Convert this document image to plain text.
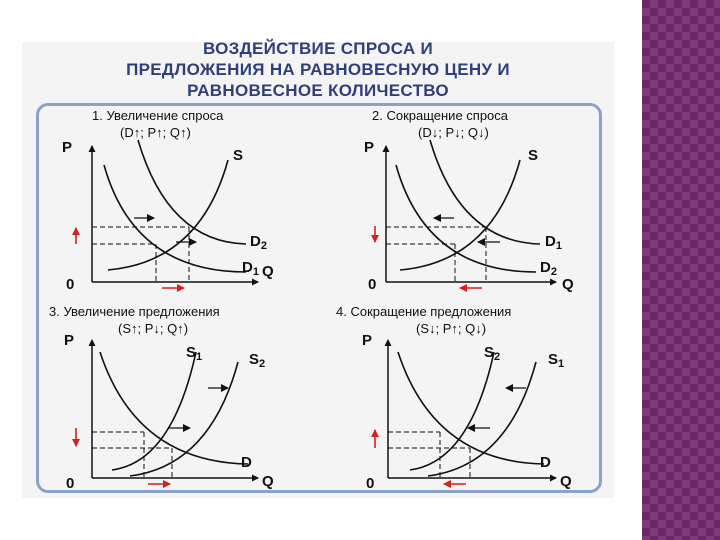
ВОЗДЕЙСТВИЕ СПРОСА И
ПРЕДЛОЖЕНИЯ НА РАВНОВЕСНУЮ ЦЕНУ И
РАВНОВЕСНОЕ КОЛИЧЕСТВО
1. Увеличение спроса
(D↑; P↑; Q↑)
P
0
Q
S
$D_2$
$D_1$
2. Сокращение спроса
(D↓; P↓; Q↓)
P
0	Q
S
$D_1$
$D_2$
3. Увеличение предложения
(S↑; P↓; Q↑)
P
0	Q
$S_1$	$S_2$
D
4. Сокращение предложения
(S↓; P↑; Q↓)
P
0	Q
$S_2$	$S_1$
D
